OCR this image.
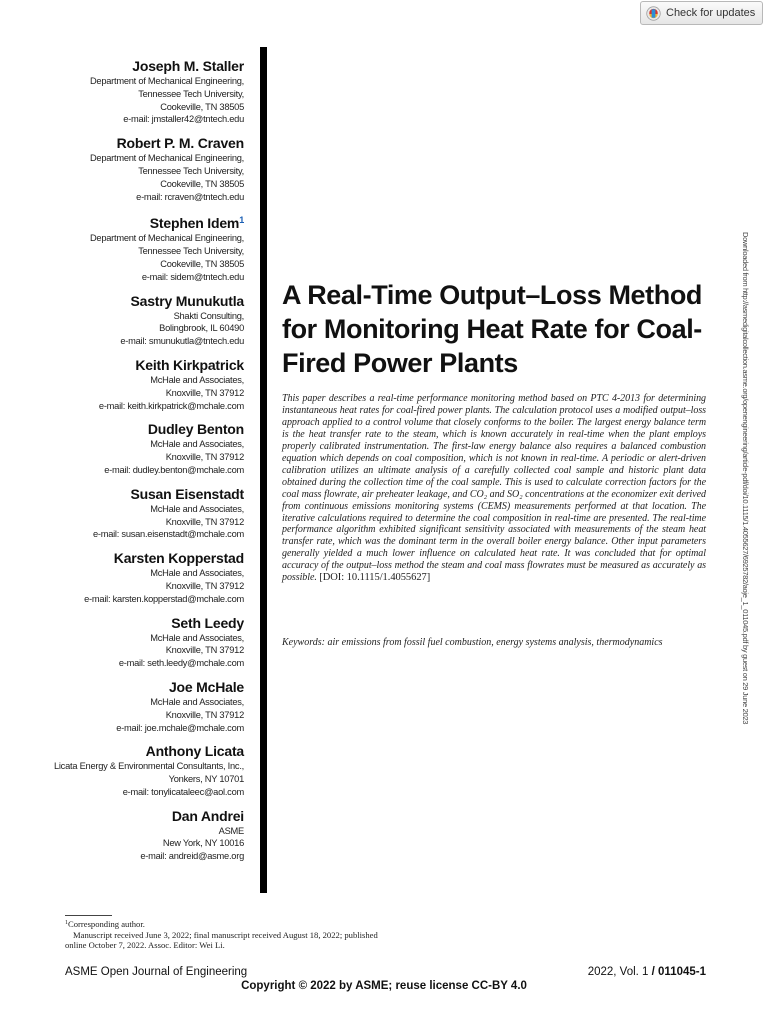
Check for updates
Joseph M. Staller
Department of Mechanical Engineering,
Tennessee Tech University,
Cookeville, TN 38505
e-mail: jmstaller42@tntech.edu
Robert P. M. Craven
Department of Mechanical Engineering,
Tennessee Tech University,
Cookeville, TN 38505
e-mail: rcraven@tntech.edu
Stephen Idem$^1$
Department of Mechanical Engineering,
Tennessee Tech University,
Cookeville, TN 38505
e-mail: sidem@tntech.edu
Sastry Munukutla
Shakti Consulting,
Bolingbrook, IL 60490
e-mail: smunukutla@tntech.edu
Keith Kirkpatrick
McHale and Associates,
Knoxville, TN 37912
e-mail: keith.kirkpatrick@mchale.com
Dudley Benton
McHale and Associates,
Knoxville, TN 37912
e-mail: dudley.benton@mchale.com
Susan Eisenstadt
McHale and Associates,
Knoxville, TN 37912
e-mail: susan.eisenstadt@mchale.com
Karsten Kopperstad
McHale and Associates,
Knoxville, TN 37912
e-mail: karsten.kopperstad@mchale.com
Seth Leedy
McHale and Associates,
Knoxville, TN 37912
e-mail: seth.leedy@mchale.com
Joe McHale
McHale and Associates,
Knoxville, TN 37912
e-mail: joe.mchale@mchale.com
Anthony Licata
Licata Energy & Environmental Consultants, Inc.,
Yonkers, NY 10701
e-mail: tonylicataleec@aol.com
Dan Andrei
ASME
New York, NY 10016
e-mail: andreid@asme.org
A Real-Time Output–Loss Method for Monitoring Heat Rate for Coal-Fired Power Plants
This paper describes a real-time performance monitoring method based on PTC 4-2013 for determining instantaneous heat rates for coal-fired power plants. The calculation protocol uses a modified output–loss approach applied to a control volume that closely conforms to the boiler. The largest energy balance term is the heat transfer rate to the steam, which is known accurately in real-time when the plant employs properly calibrated instrumentation. The first-law energy balance also requires a balanced combustion equation which depends on coal composition, which is not known in real-time. A periodic or alert-driven calibration utilizes an ultimate analysis of a carefully collected coal sample and historic plant data obtained during the collection time of the coal sample. This is used to calculate correction factors for the coal mass flowrate, air preheater leakage, and CO₂ and SO₂ concentrations at the economizer exit derived from continuous emissions monitoring systems (CEMS) measurements performed at that location. The iterative calculations required to determine the coal composition in real-time are presented. The real-time performance algorithm exhibited significant sensitivity associated with measurements of the steam heat transfer rate, which was the dominant term in the overall boiler energy balance. Other input parameters generally yielded a much lower influence on calculated heat rate. It was concluded that for optimal accuracy of the output–loss method the steam and coal mass flowrates must be measured as accurately as possible. [DOI: 10.1115/1.4055627]
Keywords: air emissions from fossil fuel combustion, energy systems analysis, thermodynamics	Downloaded from http://asmedigitalcollection.asme.org/openengineering/article-pdf/doi/10.1115/1.4055627/6925782/aoje_1_011045.pdf by guest on 29 June 2023
$^1$Corresponding author.
Manuscript received June 3, 2022; final manuscript received August 18, 2022; published online October 7, 2022. Assoc. Editor: Wei Li.
ASME Open Journal of Engineering	2022, Vol. 1 / 011045-1
Copyright © 2022 by ASME; reuse license CC-BY 4.0
